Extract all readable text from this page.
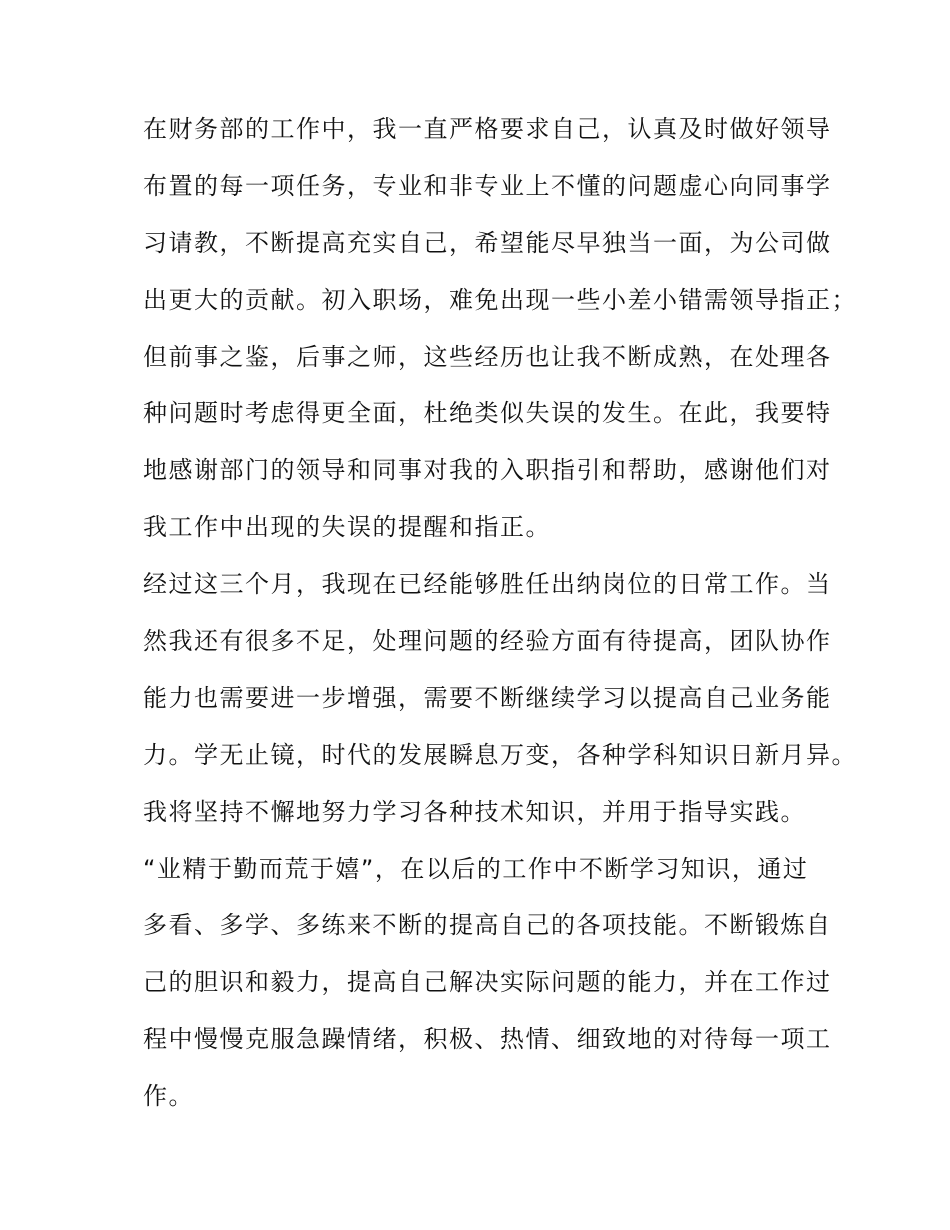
在财务部的工作中，我一直严格要求自己，认真及时做好领导
布置的每一项任务，专业和非专业上不懂的问题虚心向同事学
习请教，不断提高充实自己，希望能尽早独当一面，为公司做
出更大的贡献。初入职场，难免出现一些小差小错需领导指正；
但前事之鉴，后事之师，这些经历也让我不断成熟，在处理各
种问题时考虑得更全面，杜绝类似失误的发生。在此，我要特
地感谢部门的领导和同事对我的入职指引和帮助，感谢他们对
我工作中出现的失误的提醒和指正。
经过这三个月，我现在已经能够胜任出纳岗位的日常工作。当
然我还有很多不足，处理问题的经验方面有待提高，团队协作
能力也需要进一步增强，需要不断继续学习以提高自己业务能
力。学无止镜，时代的发展瞬息万变，各种学科知识日新月异。
我将坚持不懈地努力学习各种技术知识，并用于指导实践。
“业精于勤而荒于嬉”，在以后的工作中不断学习知识，通过
多看、多学、多练来不断的提高自己的各项技能。不断锻炼自
己的胆识和毅力，提高自己解决实际问题的能力，并在工作过
程中慢慢克服急躁情绪，积极、热情、细致地的对待每一项工
作。
